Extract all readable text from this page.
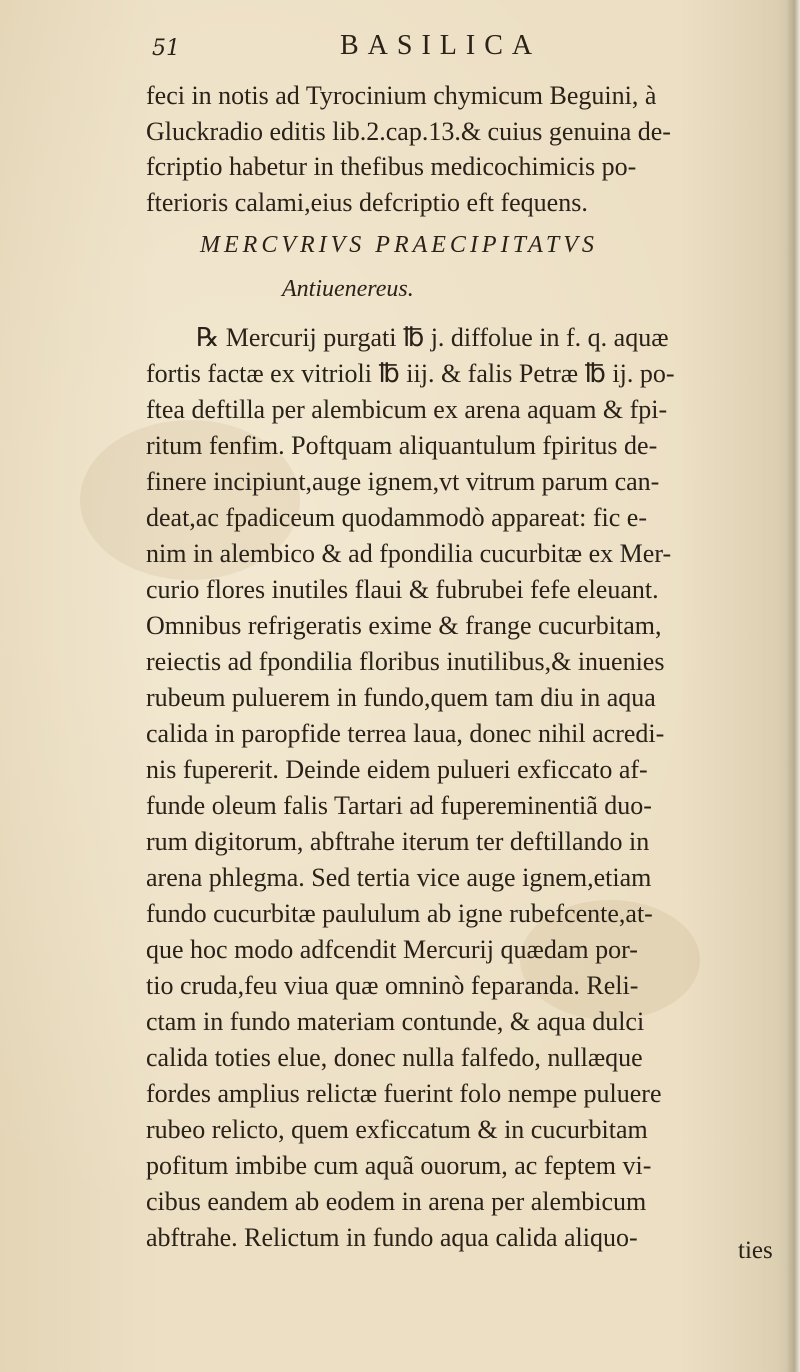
51	BASILICA
feci in notis ad Tyrocinium chymicum Beguini, à
Gluckradio editis lib.2.cap.13.& cuius genuina de-
fcriptio habetur in thefibus medicochimicis po-
fterioris calami,eius defcriptio eft fequens.
MERCVRIVS PRAECIPITATVS
Antiuenereus.
℞ Mercurij purgati ℔ j. diffolue in f. q. aquæ
fortis factæ ex vitrioli ℔ iij. & falis Petræ ℔ ij. po-
ftea deftilla per alembicum ex arena aquam & fpi-
ritum fenfim. Poftquam aliquantulum fpiritus de-
finere incipiunt,auge ignem,vt vitrum parum can-
deat,ac fpadiceum quodammodò appareat: fic e-
nim in alembico & ad fpondilia cucurbitæ ex Mer-
curio flores inutiles flaui & fubrubei fefe eleuant.
Omnibus refrigeratis exime & frange cucurbitam,
reiectis ad fpondilia floribus inutilibus,& inuenies
rubeum puluerem in fundo,quem tam diu in aqua
calida in paropfide terrea laua, donec nihil acredi-
nis fupererit. Deinde eidem pulueri exficcato af-
funde oleum falis Tartari ad fupereminentiã duo-
rum digitorum, abftrahe iterum ter deftillando in
arena phlegma. Sed tertia vice auge ignem,etiam
fundo cucurbitæ paululum ab igne rubefcente,at-
que hoc modo adfcendit Mercurij quædam por-
tio cruda,feu viua quæ omninò feparanda. Reli-
ctam in fundo materiam contunde, & aqua dulci
calida toties elue, donec nulla falfedo, nullæque
fordes amplius relictæ fuerint folo nempe puluere
rubeo relicto, quem exficcatum & in cucurbitam
pofitum imbibe cum aquã ouorum, ac feptem vi-
cibus eandem ab eodem in arena per alembicum
abftrahe. Relictum in fundo aqua calida aliquo-	ties
